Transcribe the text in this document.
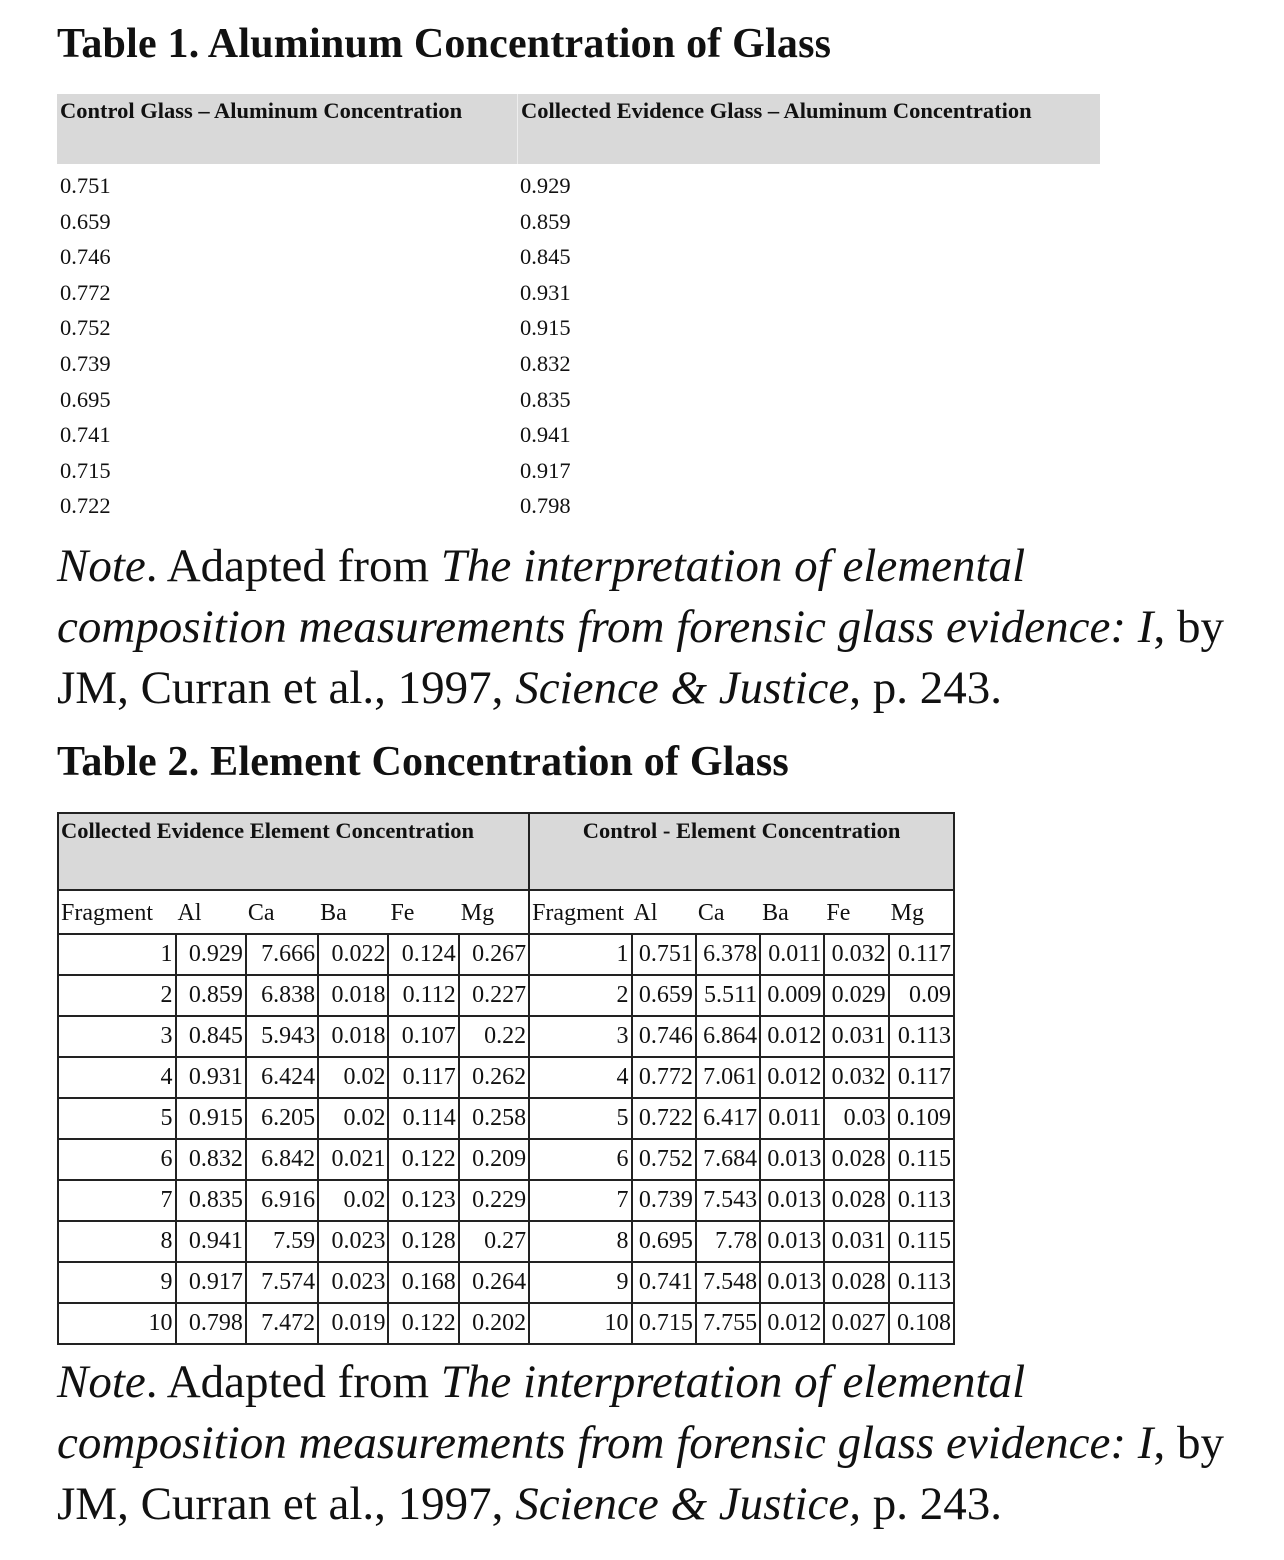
Table 1. Aluminum Concentration of Glass
Control Glass – Aluminum Concentration	Collected Evidence Glass – Aluminum Concentration
0.751	0.929
0.659	0.859
0.746	0.845
0.772	0.931
0.752	0.915
0.739	0.832
0.695	0.835
0.741	0.941
0.715	0.917
0.722	0.798

Note. Adapted from The interpretation of elemental composition measurements from forensic glass evidence: I, by JM, Curran et al., 1997, Science & Justice, p. 243.

Table 2. Element Concentration of Glass
Collected Evidence Element Concentration						Control - Element Concentration					
Fragment	Al	Ca	Ba	Fe	Mg	Fragment	Al	Ca	Ba	Fe	Mg
1	0.929	7.666	0.022	0.124	0.267	1	0.751	6.378	0.011	0.032	0.117
2	0.859	6.838	0.018	0.112	0.227	2	0.659	5.511	0.009	0.029	0.09
3	0.845	5.943	0.018	0.107	0.22	3	0.746	6.864	0.012	0.031	0.113
4	0.931	6.424	0.02	0.117	0.262	4	0.772	7.061	0.012	0.032	0.117
5	0.915	6.205	0.02	0.114	0.258	5	0.722	6.417	0.011	0.03	0.109
6	0.832	6.842	0.021	0.122	0.209	6	0.752	7.684	0.013	0.028	0.115
7	0.835	6.916	0.02	0.123	0.229	7	0.739	7.543	0.013	0.028	0.113
8	0.941	7.59	0.023	0.128	0.27	8	0.695	7.78	0.013	0.031	0.115
9	0.917	7.574	0.023	0.168	0.264	9	0.741	7.548	0.013	0.028	0.113
10	0.798	7.472	0.019	0.122	0.202	10	0.715	7.755	0.012	0.027	0.108

Note. Adapted from The interpretation of elemental composition measurements from forensic glass evidence: I, by JM, Curran et al., 1997, Science & Justice, p. 243.
